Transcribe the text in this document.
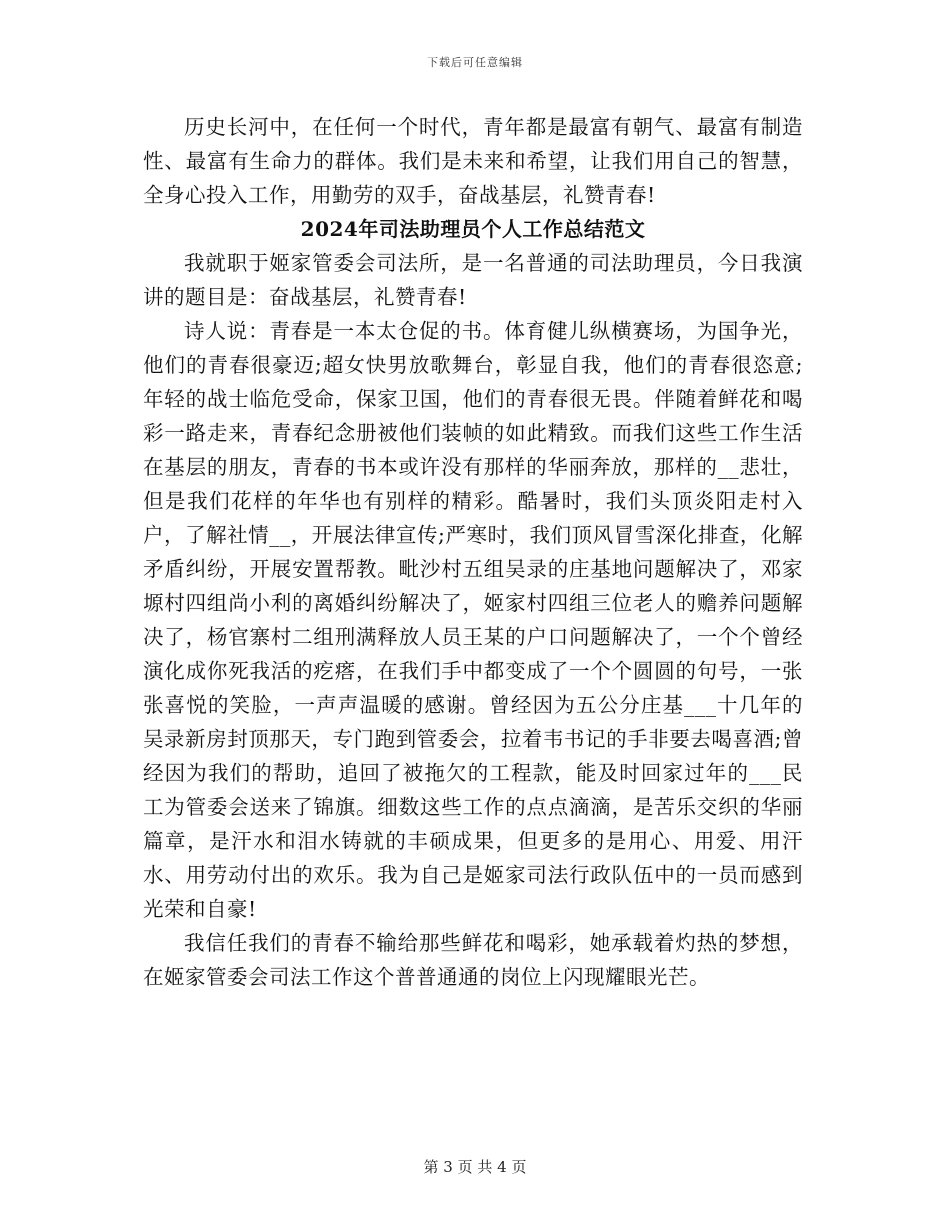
下载后可任意编辑

历史长河中，在任何一个时代，青年都是最富有朝气、最富有制造性、最富有生命力的群体。我们是未来和希望，让我们用自己的智慧，全身心投入工作，用勤劳的双手，奋战基层，礼赞青春!

2024年司法助理员个人工作总结范文

我就职于姬家管委会司法所，是一名普通的司法助理员，今日我演讲的题目是：奋战基层，礼赞青春!

诗人说：青春是一本太仓促的书。体育健儿纵横赛场，为国争光，他们的青春很豪迈;超女快男放歌舞台，彰显自我，他们的青春很恣意;年轻的战士临危受命，保家卫国，他们的青春很无畏。伴随着鲜花和喝彩一路走来，青春纪念册被他们装帧的如此精致。而我们这些工作生活在基层的朋友，青春的书本或许没有那样的华丽奔放，那样的__悲壮，但是我们花样的年华也有别样的精彩。酷暑时，我们头顶炎阳走村入户，了解社情__，开展法律宣传;严寒时，我们顶风冒雪深化排查，化解矛盾纠纷，开展安置帮教。毗沙村五组吴录的庄基地问题解决了，邓家塬村四组尚小利的离婚纠纷解决了，姬家村四组三位老人的赡养问题解决了，杨官寨村二组刑满释放人员王某的户口问题解决了，一个个曾经演化成你死我活的疙瘩，在我们手中都变成了一个个圆圆的句号，一张张喜悦的笑脸，一声声温暖的感谢。曾经因为五公分庄基___十几年的吴录新房封顶那天，专门跑到管委会，拉着韦书记的手非要去喝喜酒;曾经因为我们的帮助，追回了被拖欠的工程款，能及时回家过年的___民工为管委会送来了锦旗。细数这些工作的点点滴滴，是苦乐交织的华丽篇章，是汗水和泪水铸就的丰硕成果，但更多的是用心、用爱、用汗水、用劳动付出的欢乐。我为自己是姬家司法行政队伍中的一员而感到光荣和自豪!

我信任我们的青春不输给那些鲜花和喝彩，她承载着灼热的梦想，在姬家管委会司法工作这个普普通通的岗位上闪现耀眼光芒。

第 3 页 共 4 页
